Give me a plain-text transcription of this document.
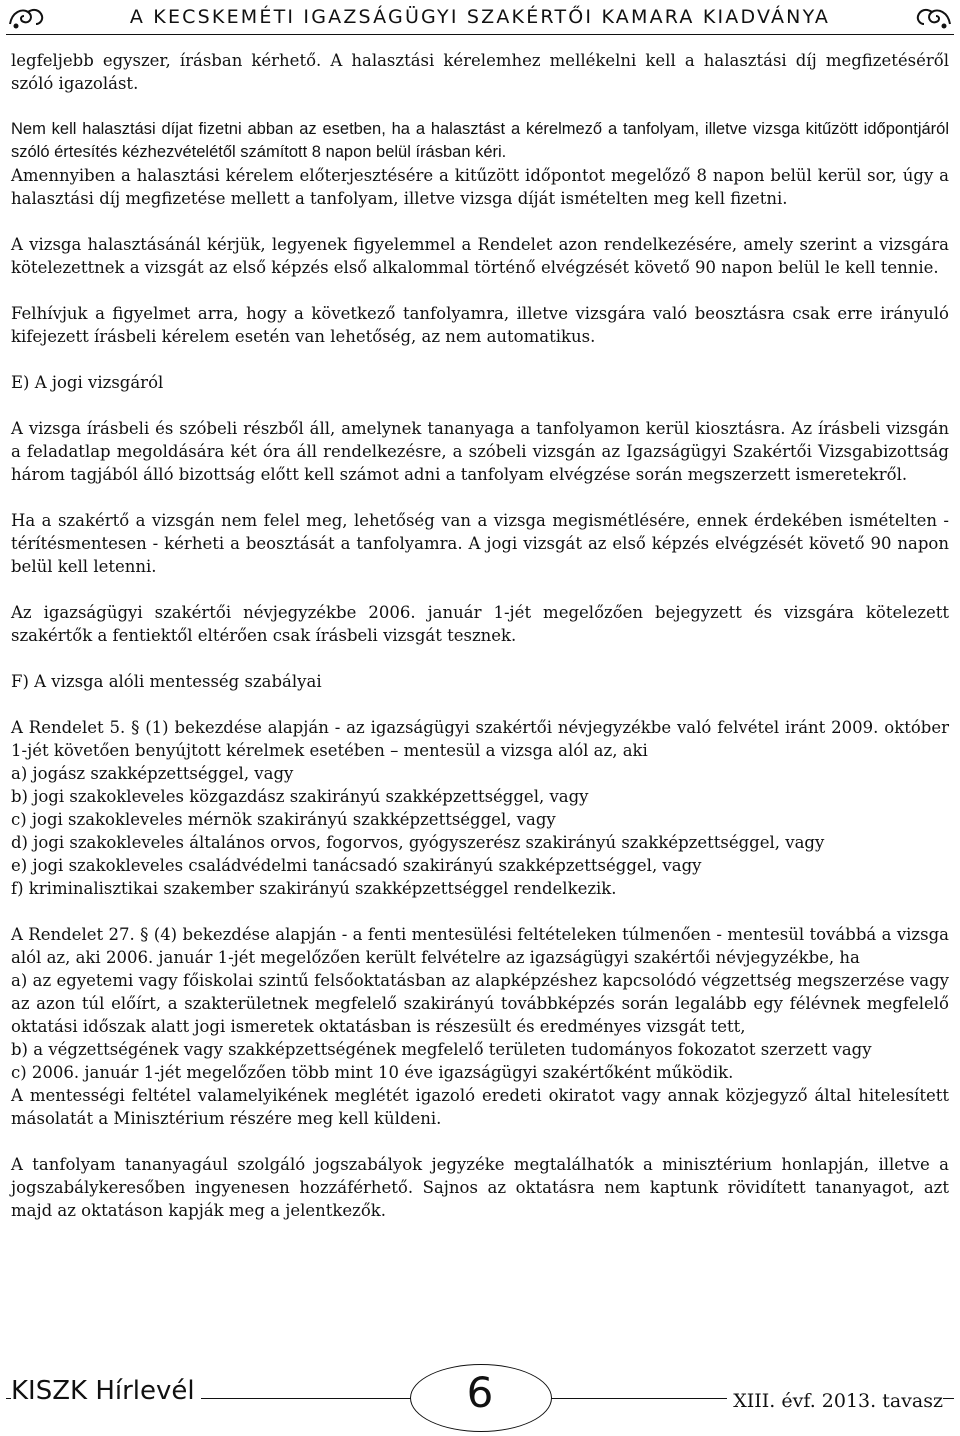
A KECSKEMÉTI IGAZSÁGÜGYI SZAKÉRTŐI KAMARA KIADVÁNYA

legfeljebb egyszer, írásban kérhető. A halasztási kérelemhez mellékelni kell a halasztási díj megfizetéséről szóló igazolást.

Nem kell halasztási díjat fizetni abban az esetben, ha a halasztást a kérelmező a tanfolyam, illetve vizsga kitűzött időpontjáról szóló értesítés kézhezvételétől számított 8 napon belül írásban kéri.

Amennyiben a halasztási kérelem előterjesztésére a kitűzött időpontot megelőző 8 napon belül kerül sor, úgy a halasztási díj megfizetése mellett a tanfolyam, illetve vizsga díját ismételten meg kell fizetni.

A vizsga halasztásánál kérjük, legyenek figyelemmel a Rendelet azon rendelkezésére, amely szerint a vizsgára kötelezettnek a vizsgát az első képzés első alkalommal történő elvégzését követő 90 napon belül le kell tennie.

Felhívjuk a figyelmet arra, hogy a következő tanfolyamra, illetve vizsgára való beosztásra csak erre irányuló kifejezett írásbeli kérelem esetén van lehetőség, az nem automatikus.

E) A jogi vizsgáról

A vizsga írásbeli és szóbeli részből áll, amelynek tananyaga a tanfolyamon kerül kiosztásra. Az írásbeli vizsgán a feladatlap megoldására két óra áll rendelkezésre, a szóbeli vizsgán az Igazságügyi Szakértői Vizsgabizottság három tagjából álló bizottság előtt kell számot adni a tanfolyam elvégzése során megszerzett ismeretekről.

Ha a szakértő a vizsgán nem felel meg, lehetőség van a vizsga megismétlésére, ennek érdekében ismételten - térítésmentesen - kérheti a beosztását a tanfolyamra. A jogi vizsgát az első képzés elvégzését követő 90 napon belül kell letenni.

Az igazságügyi szakértői névjegyzékbe 2006. január 1-jét megelőzően bejegyzett és vizsgára kötelezett szakértők a fentiektől eltérően csak írásbeli vizsgát tesznek.

F) A vizsga alóli mentesség szabályai

A Rendelet 5. § (1) bekezdése alapján - az igazságügyi szakértői névjegyzékbe való felvétel iránt 2009. október 1-jét követően benyújtott kérelmek esetében – mentesül a vizsga alól az, aki

a) jogász szakképzettséggel, vagy

b) jogi szakokleveles közgazdász szakirányú szakképzettséggel, vagy

c) jogi szakokleveles mérnök szakirányú szakképzettséggel, vagy

d) jogi szakokleveles általános orvos, fogorvos, gyógyszerész szakirányú szakképzettséggel, vagy

e) jogi szakokleveles családvédelmi tanácsadó szakirányú szakképzettséggel, vagy

f) kriminalisztikai szakember szakirányú szakképzettséggel rendelkezik.

A Rendelet 27. § (4) bekezdése alapján - a fenti mentesülési feltételeken túlmenően - mentesül továbbá a vizsga alól az, aki 2006. január 1-jét megelőzően került felvételre az igazságügyi szakértői névjegyzékbe, ha

a) az egyetemi vagy főiskolai szintű felsőoktatásban az alapképzéshez kapcsolódó végzettség megszerzése vagy az azon túl előírt, a szakterületnek megfelelő szakirányú továbbképzés során legalább egy félévnek megfelelő oktatási időszak alatt jogi ismeretek oktatásban is részesült és eredményes vizsgát tett,

b) a végzettségének vagy szakképzettségének megfelelő területen tudományos fokozatot szerzett vagy

c) 2006. január 1-jét megelőzően több mint 10 éve igazságügyi szakértőként működik.

A mentességi feltétel valamelyikének meglétét igazoló eredeti okiratot vagy annak közjegyző által hitelesített másolatát a Minisztérium részére meg kell küldeni.

A tanfolyam tananyagául szolgáló jogszabályok jegyzéke megtalálhatók a minisztérium honlapján, illetve a jogszabálykeresőben ingyenesen hozzáférhető. Sajnos az oktatásra nem kaptunk rövidített tananyagot, azt majd az oktatáson kapják meg a jelentkezők.

KISZK Hírlevél	6	XIII. évf. 2013. tavasz
